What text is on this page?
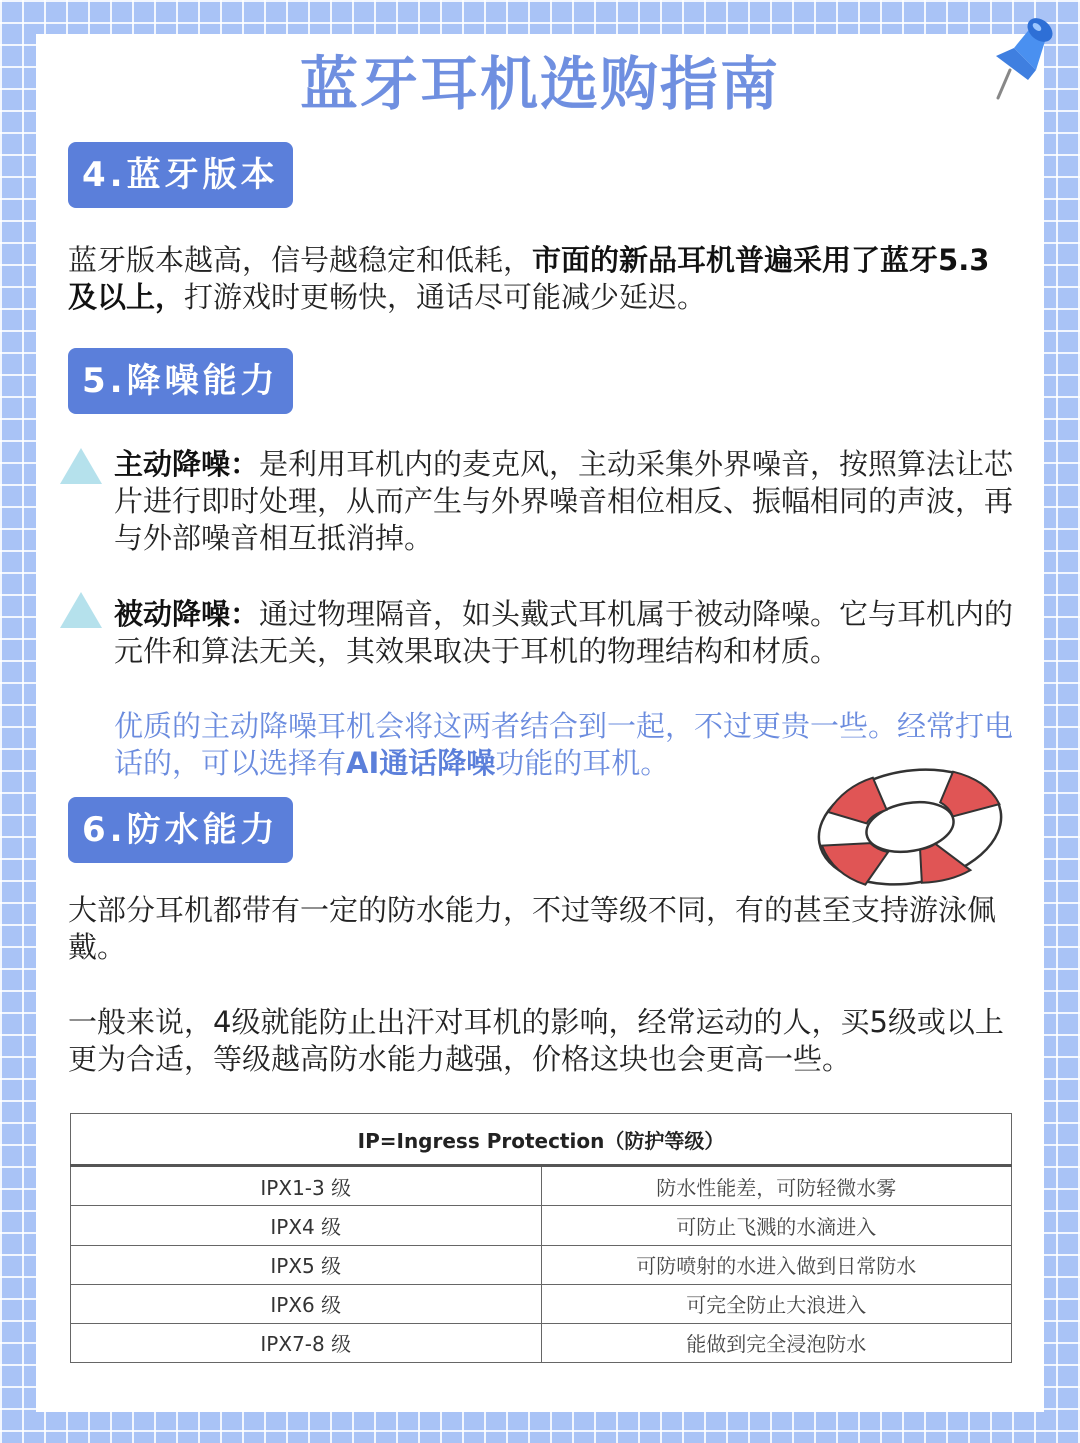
蓝牙耳机选购指南
4.蓝牙版本
蓝牙版本越高，信号越稳定和低耗，市面的新品耳机普遍采用了蓝牙5.3及以上，打游戏时更畅快，通话尽可能减少延迟。
5.降噪能力
主动降噪：是利用耳机内的麦克风，主动采集外界噪音，按照算法让芯片进行即时处理，从而产生与外界噪音相位相反、振幅相同的声波，再与外部噪音相互抵消掉。
被动降噪：通过物理隔音，如头戴式耳机属于被动降噪。它与耳机内的元件和算法无关，其效果取决于耳机的物理结构和材质。
优质的主动降噪耳机会将这两者结合到一起，不过更贵一些。经常打电话的，可以选择有AI通话降噪功能的耳机。
6.防水能力
大部分耳机都带有一定的防水能力，不过等级不同，有的甚至支持游泳佩戴。
一般来说，4级就能防止出汗对耳机的影响，经常运动的人，买5级或以上更为合适，等级越高防水能力越强，价格这块也会更高一些。
IP=Ingress Protection（防护等级）	
IPX1-3 级	防水性能差，可防轻微水雾
IPX4 级	可防止飞溅的水滴进入
IPX5 级	可防喷射的水进入做到日常防水
IPX6 级	可完全防止大浪进入
IPX7-8 级	能做到完全浸泡防水
